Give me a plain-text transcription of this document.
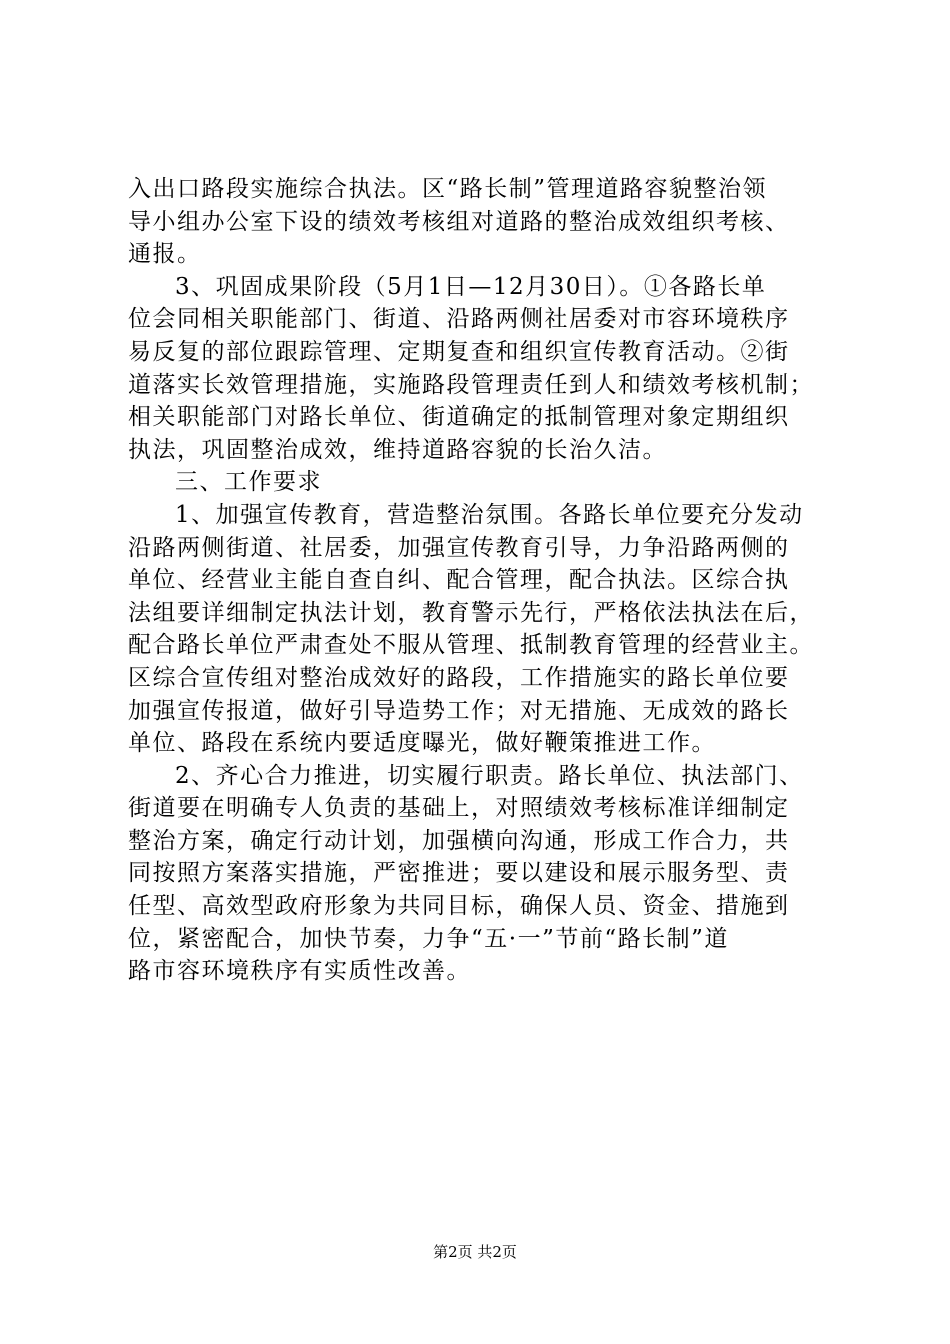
入出口路段实施综合执法。区“路长制”管理道路容貌整治领
导小组办公室下设的绩效考核组对道路的整治成效组织考核、
通报。
3、巩固成果阶段（5月1日—12月30日）。①各路长单
位会同相关职能部门、街道、沿路两侧社居委对市容环境秩序
易反复的部位跟踪管理、定期复查和组织宣传教育活动。②街
道落实长效管理措施，实施路段管理责任到人和绩效考核机制；
相关职能部门对路长单位、街道确定的抵制管理对象定期组织
执法，巩固整治成效，维持道路容貌的长治久洁。
三、工作要求
1、加强宣传教育，营造整治氛围。各路长单位要充分发动
沿路两侧街道、社居委，加强宣传教育引导，力争沿路两侧的
单位、经营业主能自查自纠、配合管理，配合执法。区综合执
法组要详细制定执法计划，教育警示先行，严格依法执法在后，
配合路长单位严肃查处不服从管理、抵制教育管理的经营业主。
区综合宣传组对整治成效好的路段，工作措施实的路长单位要
加强宣传报道，做好引导造势工作；对无措施、无成效的路长
单位、路段在系统内要适度曝光，做好鞭策推进工作。
2、齐心合力推进，切实履行职责。路长单位、执法部门、
街道要在明确专人负责的基础上，对照绩效考核标准详细制定
整治方案，确定行动计划，加强横向沟通，形成工作合力，共
同按照方案落实措施，严密推进；要以建设和展示服务型、责
任型、高效型政府形象为共同目标，确保人员、资金、措施到
位，紧密配合，加快节奏，力争“五·一”节前“路长制”道
路市容环境秩序有实质性改善。
第2页 共2页
